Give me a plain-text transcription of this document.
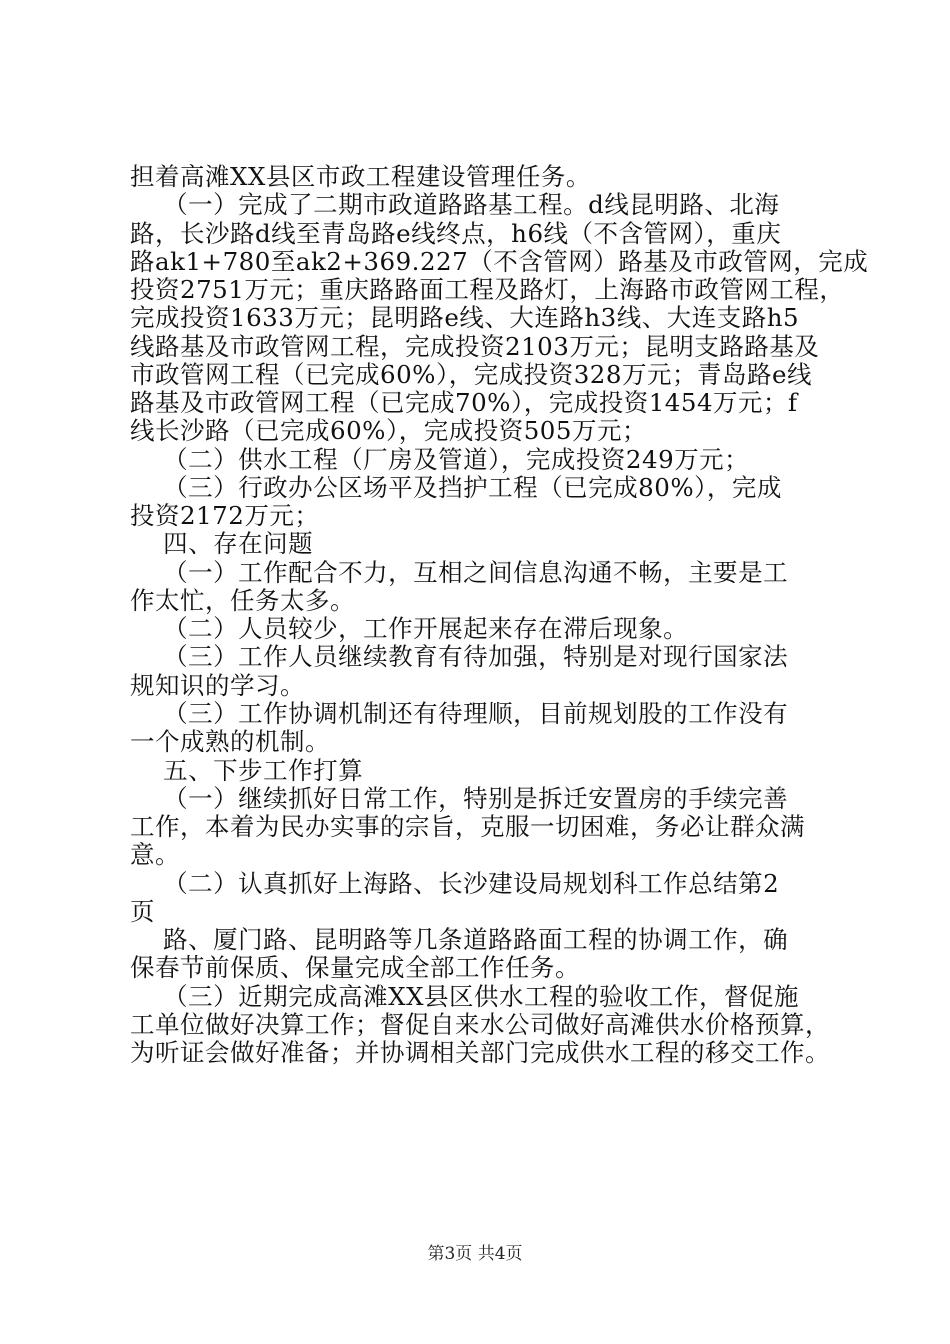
担着高滩XX县区市政工程建设管理任务。
（一）完成了二期市政道路路基工程。d线昆明路、北海
路，长沙路d线至青岛路e线终点，h6线（不含管网），重庆
路ak1+780至ak2+369.227（不含管网）路基及市政管网，完成
投资2751万元；重庆路路面工程及路灯，上海路市政管网工程，
完成投资1633万元；昆明路e线、大连路h3线、大连支路h5
线路基及市政管网工程，完成投资2103万元；昆明支路路基及
市政管网工程（已完成60%），完成投资328万元；青岛路e线
路基及市政管网工程（已完成70%），完成投资1454万元；f
线长沙路（已完成60%），完成投资505万元；
（二）供水工程（厂房及管道），完成投资249万元；
（三）行政办公区场平及挡护工程（已完成80%），完成
投资2172万元；
四、存在问题
（一）工作配合不力，互相之间信息沟通不畅，主要是工
作太忙，任务太多。
（二）人员较少，工作开展起来存在滞后现象。
（三）工作人员继续教育有待加强，特别是对现行国家法
规知识的学习。
（三）工作协调机制还有待理顺，目前规划股的工作没有
一个成熟的机制。
五、下步工作打算
（一）继续抓好日常工作，特别是拆迁安置房的手续完善
工作，本着为民办实事的宗旨，克服一切困难，务必让群众满
意。
（二）认真抓好上海路、长沙建设局规划科工作总结第2
页
路、厦门路、昆明路等几条道路路面工程的协调工作，确
保春节前保质、保量完成全部工作任务。
（三）近期完成高滩XX县区供水工程的验收工作，督促施
工单位做好决算工作；督促自来水公司做好高滩供水价格预算，
为听证会做好准备；并协调相关部门完成供水工程的移交工作。
第3页 共4页
